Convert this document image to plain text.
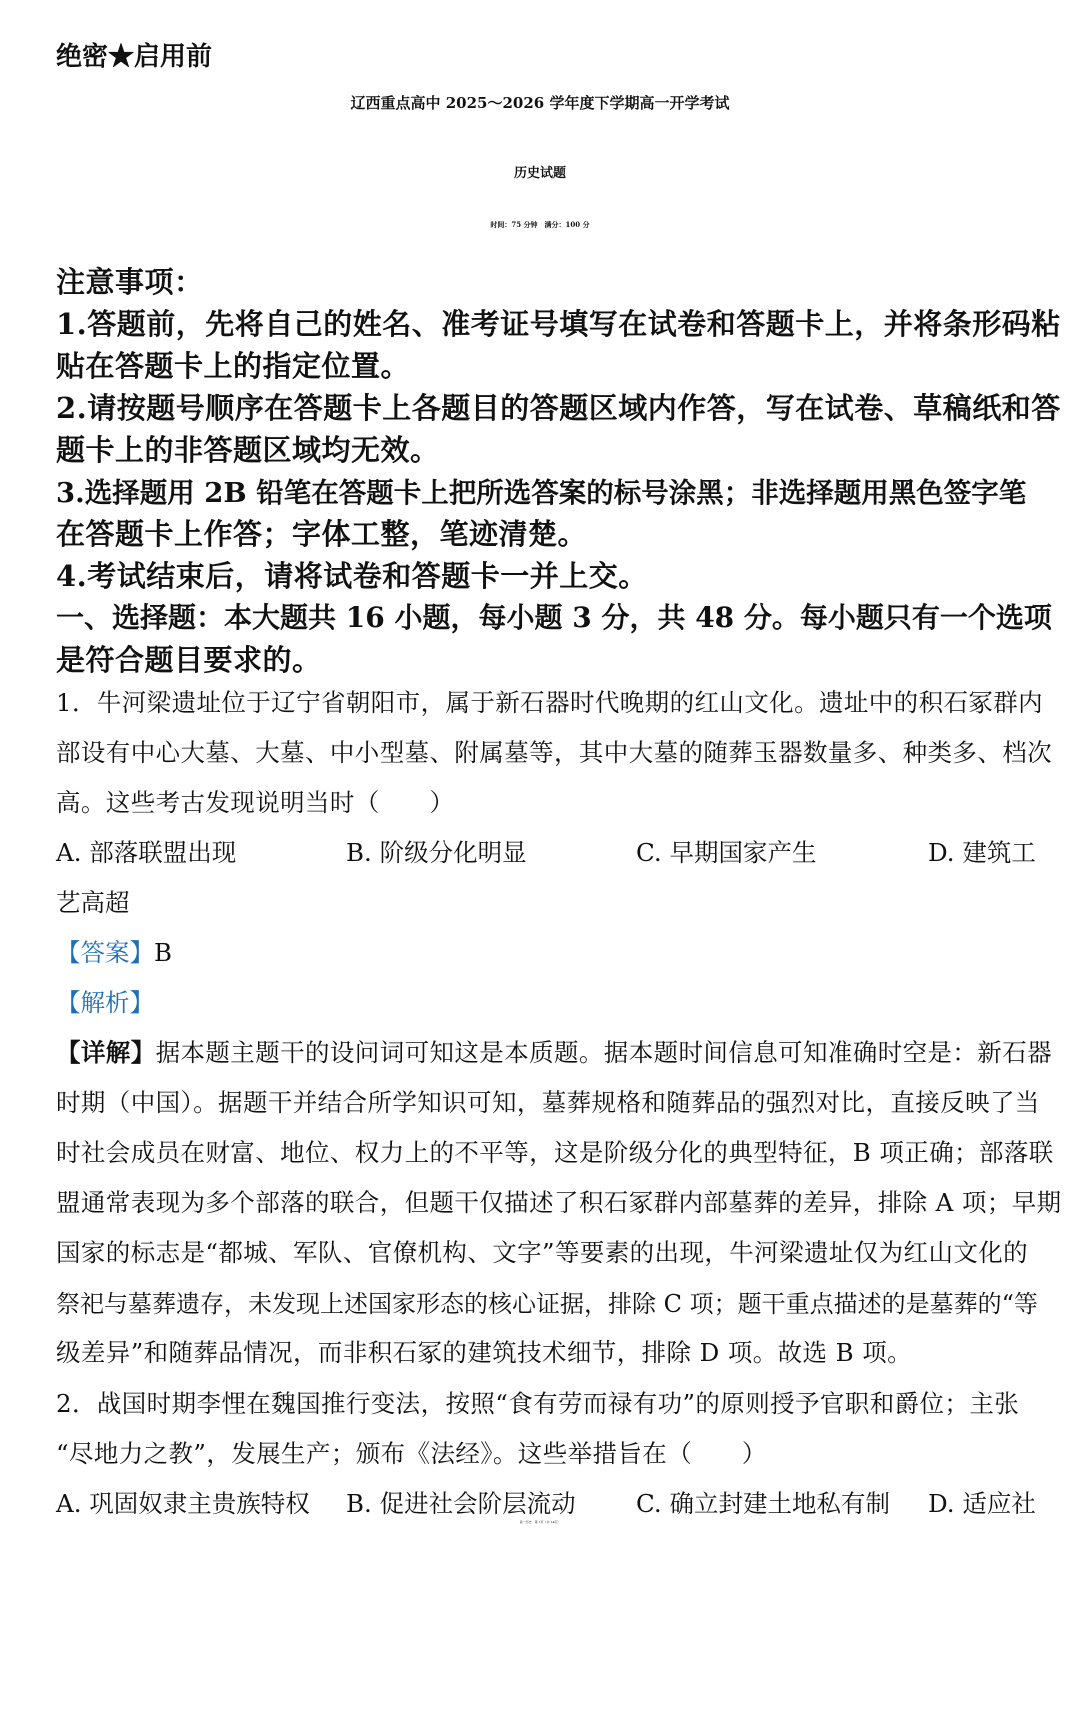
绝密★启用前
辽西重点高中 2025～2026 学年度下学期高一开学考试
历史试题
时间：75 分钟　满分：100 分
注意事项：
1.答题前，先将自己的姓名、准考证号填写在试卷和答题卡上，并将条形码粘
贴在答题卡上的指定位置。
2.请按题号顺序在答题卡上各题目的答题区域内作答，写在试卷、草稿纸和答
题卡上的非答题区域均无效。
3.选择题用 2B 铅笔在答题卡上把所选答案的标号涂黑；非选择题用黑色签字笔
在答题卡上作答；字体工整，笔迹清楚。
4.考试结束后，请将试卷和答题卡一并上交。
一、选择题：本大题共 16 小题，每小题 3 分，共 48 分。每小题只有一个选项
是符合题目要求的。
1．牛河梁遗址位于辽宁省朝阳市，属于新石器时代晚期的红山文化。遗址中的积石冢群内
部设有中心大墓、大墓、中小型墓、附属墓等，其中大墓的随葬玉器数量多、种类多、档次
高。这些考古发现说明当时（　　）
A. 部落联盟出现	B. 阶级分化明显	C. 早期国家产生	D. 建筑工
艺高超
【答案】B
【解析】
【详解】据本题主题干的设问词可知这是本质题。据本题时间信息可知准确时空是：新石器
时期（中国）。据题干并结合所学知识可知，墓葬规格和随葬品的强烈对比，直接反映了当
时社会成员在财富、地位、权力上的不平等，这是阶级分化的典型特征，B 项正确；部落联
盟通常表现为多个部落的联合，但题干仅描述了积石冢群内部墓葬的差异，排除 A 项；早期
国家的标志是“都城、军队、官僚机构、文字”等要素的出现，牛河梁遗址仅为红山文化的
祭祀与墓葬遗存，未发现上述国家形态的核心证据，排除 C 项；题干重点描述的是墓葬的“等
级差异”和随葬品情况，而非积石冢的建筑技术细节，排除 D 项。故选 B 项。
2．战国时期李悝在魏国推行变法，按照“食有劳而禄有功”的原则授予官职和爵位；主张
“尽地力之教”，发展生产；颁布《法经》。这些举措旨在（　　）
A. 巩固奴隶主贵族特权 B. 促进社会阶层流动 C. 确立封建土地私有制 D. 适应社
高一历史　第 1页（共 14页）
